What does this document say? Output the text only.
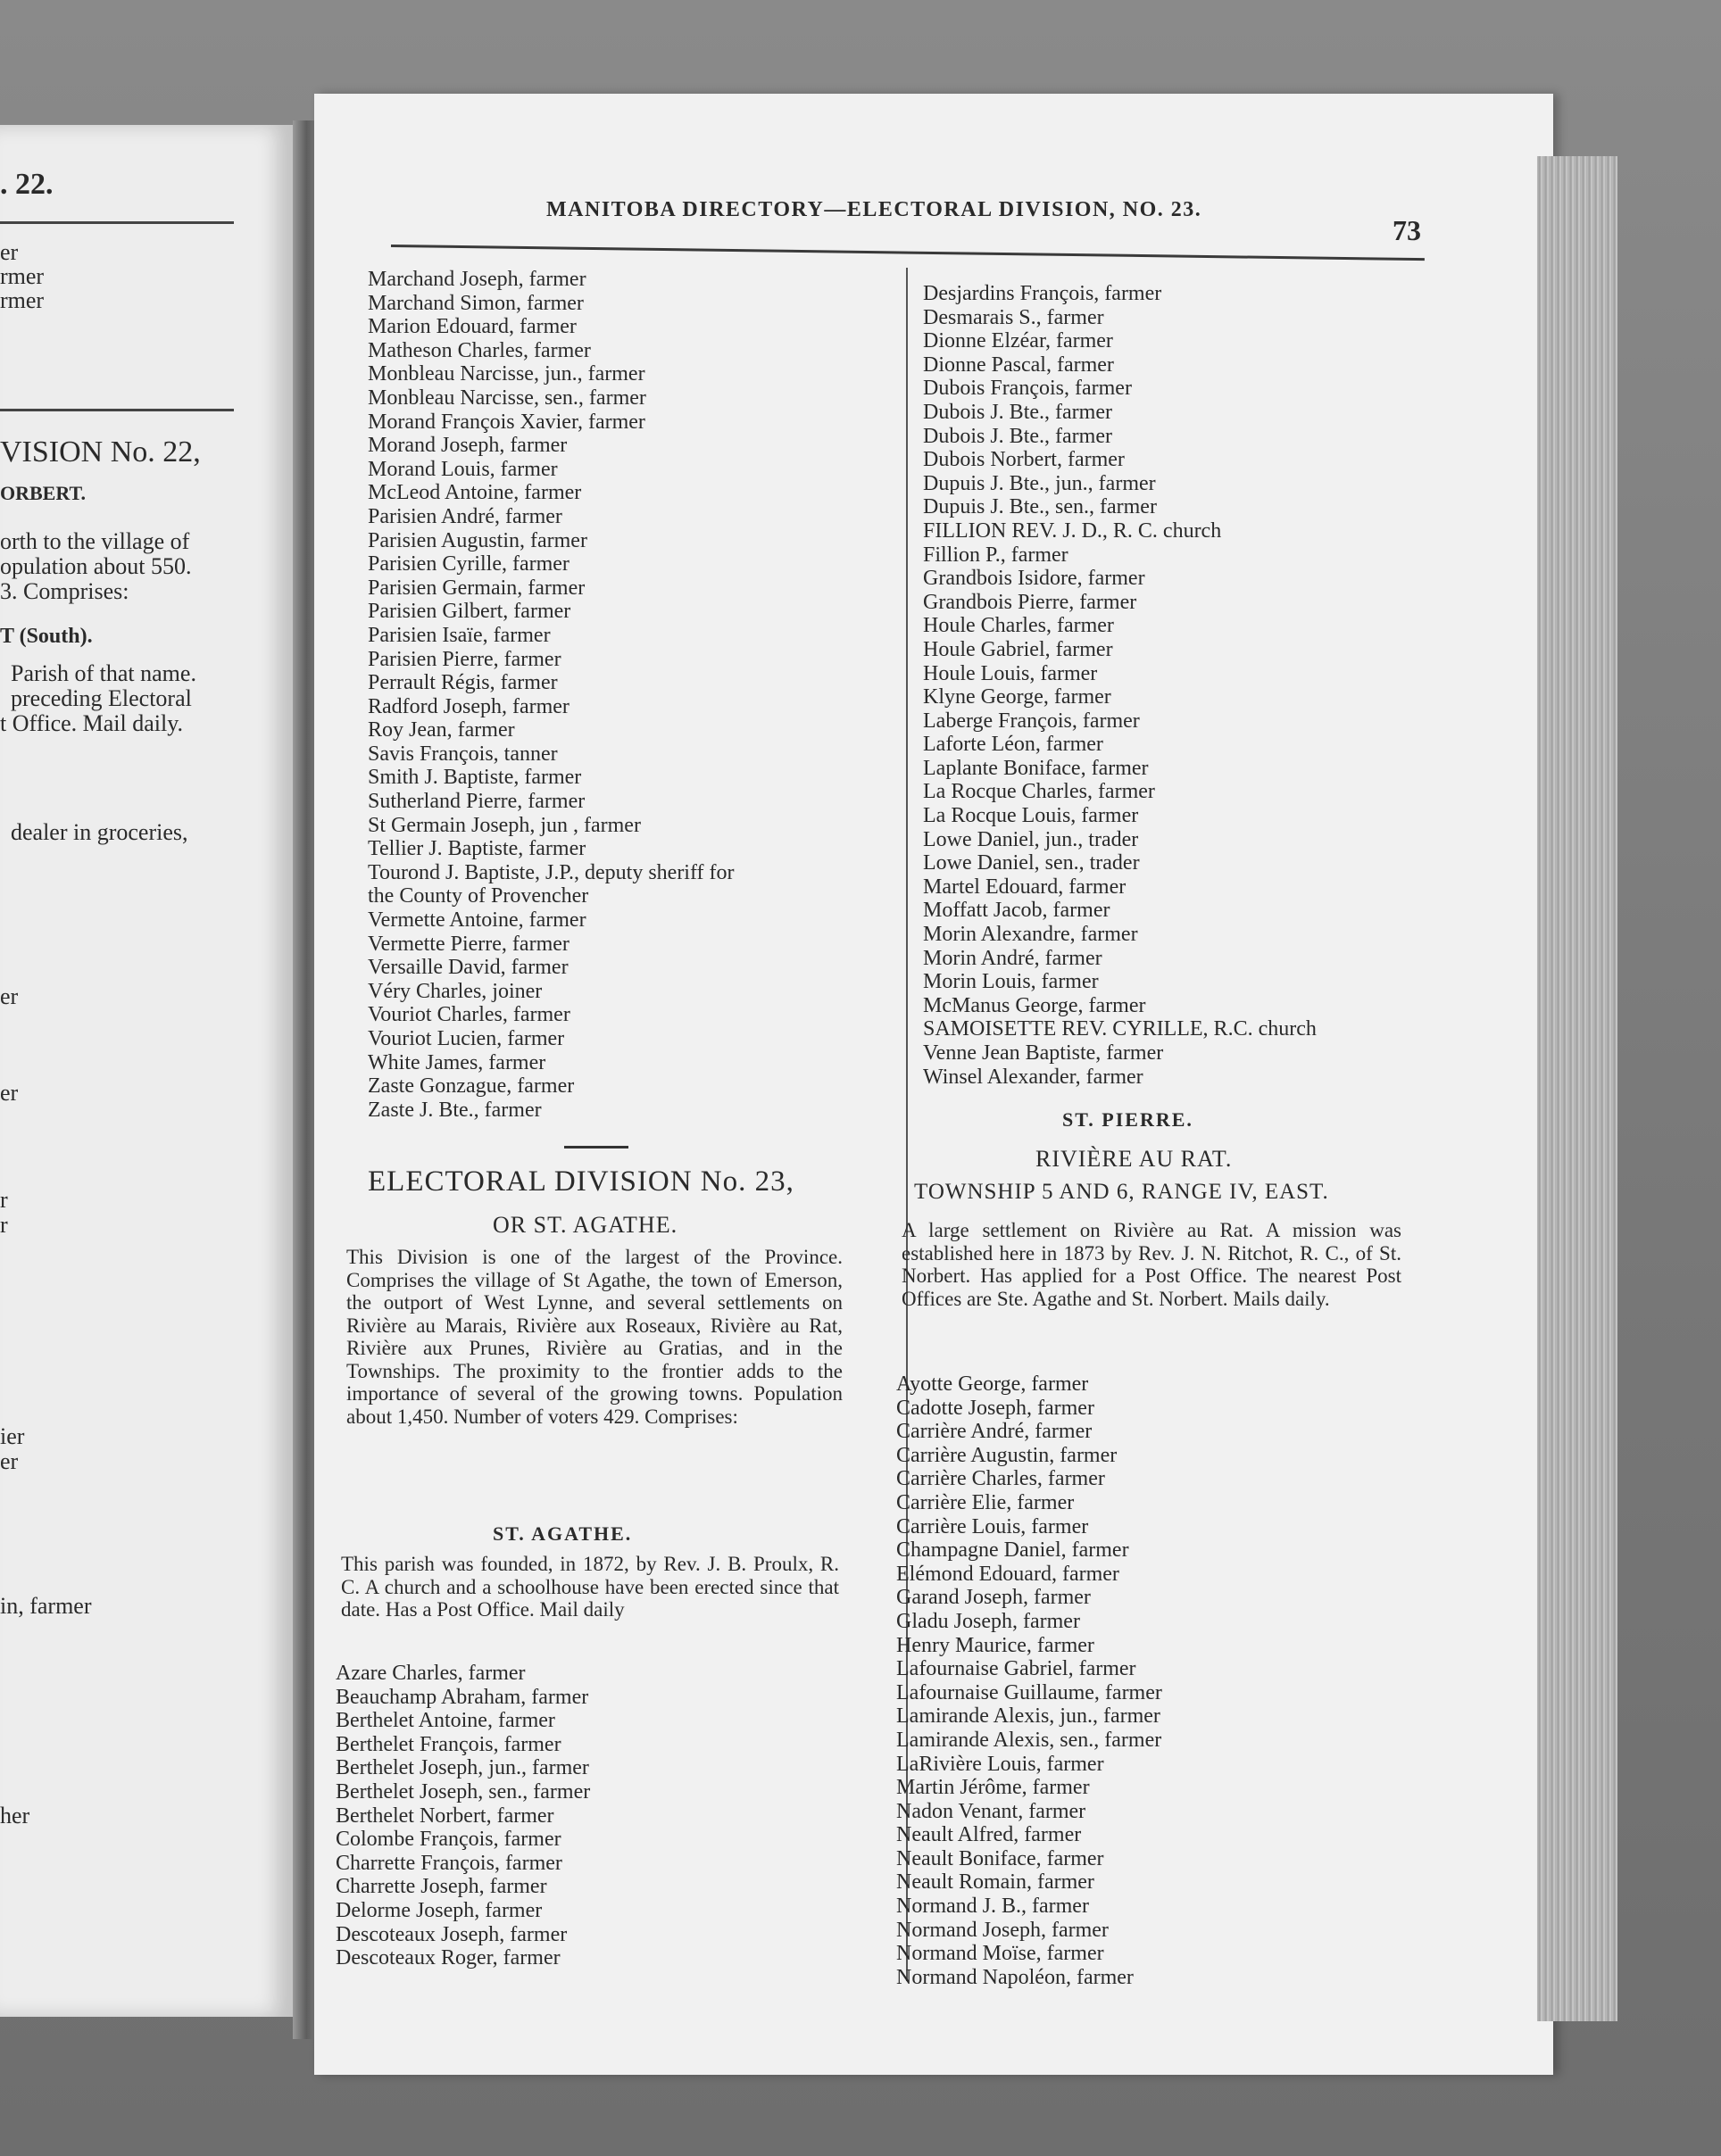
. 22.
er
rmer
rmer
VISION No. 22,
ORBERT.
orth to the village of
opulation about 550.
3. Comprises:
T (South).
Parish of that name.
preceding Electoral
t Office. Mail daily.
dealer in groceries,
er
er
r
r
ier
er
in, farmer
her
MANITOBA DIRECTORY—ELECTORAL DIVISION, NO. 23.
73
Marchand Joseph, farmer
Marchand Simon, farmer
Marion Edouard, farmer
Matheson Charles, farmer
Monbleau Narcisse, jun., farmer
Monbleau Narcisse, sen., farmer
Morand François Xavier, farmer
Morand Joseph, farmer
Morand Louis, farmer
McLeod Antoine, farmer
Parisien André, farmer
Parisien Augustin, farmer
Parisien Cyrille, farmer
Parisien Germain, farmer
Parisien Gilbert, farmer
Parisien Isaïe, farmer
Parisien Pierre, farmer
Perrault Régis, farmer
Radford Joseph, farmer
Roy Jean, farmer
Savis François, tanner
Smith J. Baptiste, farmer
Sutherland Pierre, farmer
St Germain Joseph, jun , farmer
Tellier J. Baptiste, farmer
Tourond J. Baptiste, J.P., deputy sheriff for
the County of Provencher
Vermette Antoine, farmer
Vermette Pierre, farmer
Versaille David, farmer
Véry Charles, joiner
Vouriot Charles, farmer
Vouriot Lucien, farmer
White James, farmer
Zaste Gonzague, farmer
Zaste J. Bte., farmer
ELECTORAL DIVISION No. 23,
OR ST. AGATHE.
This Division is one of the largest of the Province. Comprises the village of St Agathe, the town of Emerson, the outport of West Lynne, and several settlements on Rivière au Marais, Rivière aux Roseaux, Rivière au Rat, Rivière aux Prunes, Rivière au Gratias, and in the Townships. The proximity to the frontier adds to the importance of several of the growing towns. Population about 1,450. Number of voters 429. Comprises:
ST. AGATHE.
This parish was founded, in 1872, by Rev. J. B. Proulx, R. C. A church and a schoolhouse have been erected since that date. Has a Post Office. Mail daily
Azare Charles, farmer
Beauchamp Abraham, farmer
Berthelet Antoine, farmer
Berthelet François, farmer
Berthelet Joseph, jun., farmer
Berthelet Joseph, sen., farmer
Berthelet Norbert, farmer
Colombe François, farmer
Charrette François, farmer
Charrette Joseph, farmer
Delorme Joseph, farmer
Descoteaux Joseph, farmer
Descoteaux Roger, farmer
Desjardins François, farmer
Desmarais S., farmer
Dionne Elzéar, farmer
Dionne Pascal, farmer
Dubois François, farmer
Dubois J. Bte., farmer
Dubois J. Bte., farmer
Dubois Norbert, farmer
Dupuis J. Bte., jun., farmer
Dupuis J. Bte., sen., farmer
FILLION REV. J. D., R. C. church
Fillion P., farmer
Grandbois Isidore, farmer
Grandbois Pierre, farmer
Houle Charles, farmer
Houle Gabriel, farmer
Houle Louis, farmer
Klyne George, farmer
Laberge François, farmer
Laforte Léon, farmer
Laplante Boniface, farmer
La Rocque Charles, farmer
La Rocque Louis, farmer
Lowe Daniel, jun., trader
Lowe Daniel, sen., trader
Martel Edouard, farmer
Moffatt Jacob, farmer
Morin Alexandre, farmer
Morin André, farmer
Morin Louis, farmer
McManus George, farmer
SAMOISETTE REV. CYRILLE, R.C. church
Venne Jean Baptiste, farmer
Winsel Alexander, farmer
ST. PIERRE.
RIVIÈRE AU RAT.
TOWNSHIP 5 AND 6, RANGE IV, EAST.
A large settlement on Rivière au Rat. A mission was established here in 1873 by Rev. J. N. Ritchot, R. C., of St. Norbert. Has applied for a Post Office. The nearest Post Offices are Ste. Agathe and St. Norbert. Mails daily.
Ayotte George, farmer
Cadotte Joseph, farmer
Carrière André, farmer
Carrière Augustin, farmer
Carrière Charles, farmer
Carrière Elie, farmer
Carrière Louis, farmer
Champagne Daniel, farmer
Elémond Edouard, farmer
Garand Joseph, farmer
Gladu Joseph, farmer
Henry Maurice, farmer
Lafournaise Gabriel, farmer
Lafournaise Guillaume, farmer
Lamirande Alexis, jun., farmer
Lamirande Alexis, sen., farmer
LaRivière Louis, farmer
Martin Jérôme, farmer
Nadon Venant, farmer
Neault Alfred, farmer
Neault Boniface, farmer
Neault Romain, farmer
Normand J. B., farmer
Normand Joseph, farmer
Normand Moïse, farmer
Normand Napoléon, farmer
